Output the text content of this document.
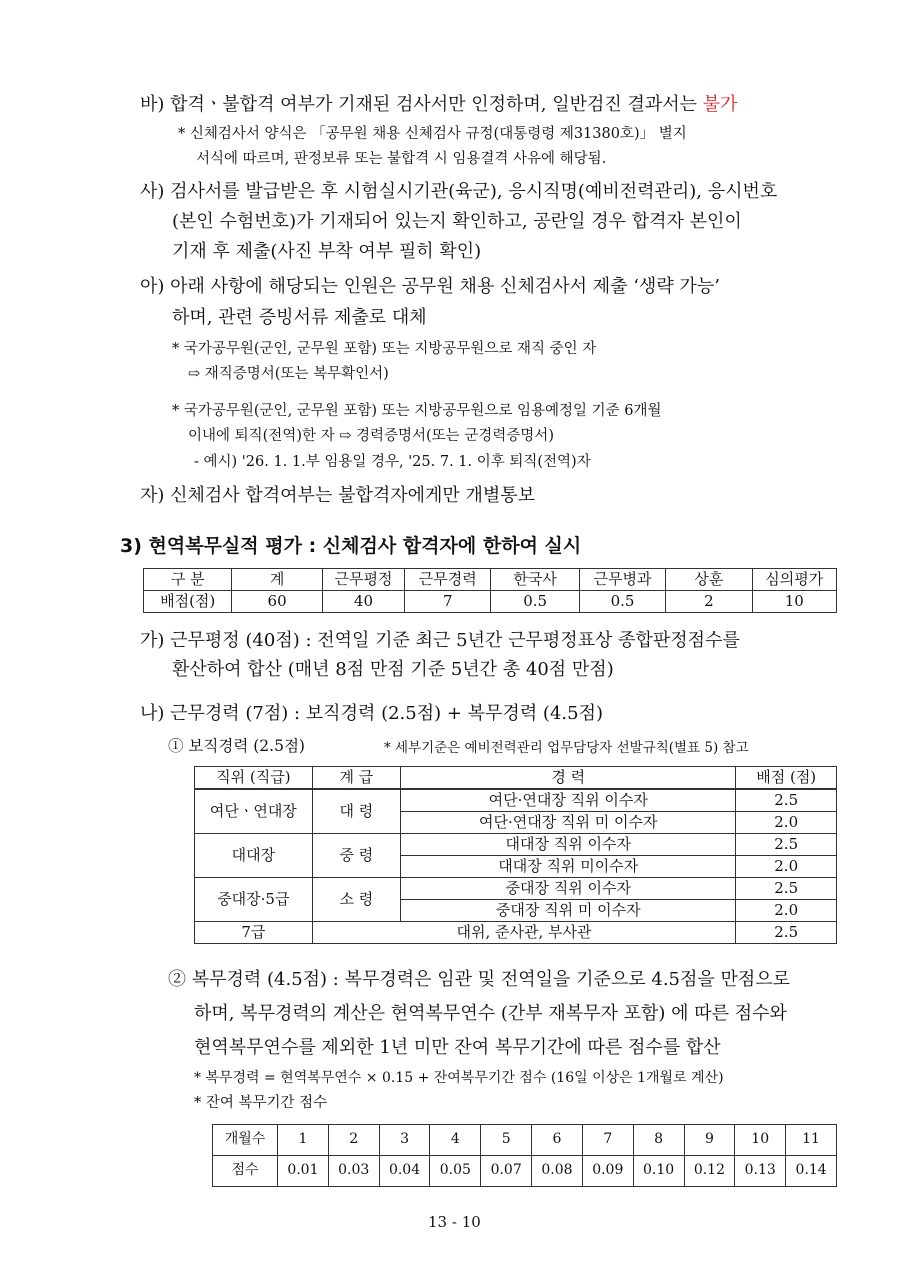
바) 합격ㆍ불합격 여부가 기재된 검사서만 인정하며, 일반검진 결과서는 불가
* 신체검사서 양식은 「공무원 채용 신체검사 규정(대통령령 제31380호)」 별지
서식에 따르며, 판정보류 또는 불합격 시 임용결격 사유에 해당됨.
사) 검사서를 발급받은 후 시험실시기관(육군), 응시직명(예비전력관리), 응시번호
(본인 수험번호)가 기재되어 있는지 확인하고, 공란일 경우 합격자 본인이
기재 후 제출(사진 부착 여부 필히 확인)
아) 아래 사항에 해당되는 인원은 공무원 채용 신체검사서 제출 ‘생략 가능’
하며, 관련 증빙서류 제출로 대체
* 국가공무원(군인, 군무원 포함) 또는 지방공무원으로 재직 중인 자
⇨ 재직증명서(또는 복무확인서)
* 국가공무원(군인, 군무원 포함) 또는 지방공무원으로 임용예정일 기준 6개월
이내에 퇴직(전역)한 자 ⇨ 경력증명서(또는 군경력증명서)
- 예시) '26. 1. 1.부 임용일 경우, '25. 7. 1. 이후 퇴직(전역)자
자) 신체검사 합격여부는 불합격자에게만 개별통보
3) 현역복무실적 평가 : 신체검사 합격자에 한하여 실시
구 분	계	근무평정	근무경력	한국사	근무병과	상훈	심의평가
배점(점)	60	40	7	0.5	0.5	2	10
가) 근무평정 (40점) : 전역일 기준 최근 5년간 근무평정표상 종합판정점수를
환산하여 합산 (매년 8점 만점 기준 5년간 총 40점 만점)
나) 근무경력 (7점) : 보직경력 (2.5점) + 복무경력 (4.5점)
① 보직경력 (2.5점)	* 세부기준은 예비전력관리 업무담당자 선발규칙(별표 5) 참고
직위 (직급)	계 급	경 력	배점 (점)
여단ㆍ연대장	대 령	여단·연대장 직위 이수자	2.5
		여단·연대장 직위 미 이수자	2.0
대대장	중 령	대대장 직위 이수자	2.5
		대대장 직위 미이수자	2.0
중대장·5급	소 령	중대장 직위 이수자	2.5
		중대장 직위 미 이수자	2.0
7급	대위, 준사관, 부사관		2.5
② 복무경력 (4.5점) : 복무경력은 임관 및 전역일을 기준으로 4.5점을 만점으로
하며, 복무경력의 계산은 현역복무연수 (간부 재복무자 포함) 에 따른 점수와
현역복무연수를 제외한 1년 미만 잔여 복무기간에 따른 점수를 합산
* 복무경력 = 현역복무연수 × 0.15 + 잔여복무기간 점수 (16일 이상은 1개월로 계산)
* 잔여 복무기간 점수
개월수	1	2	3	4	5	6	7	8	9	10	11
점수	0.01	0.03	0.04	0.05	0.07	0.08	0.09	0.10	0.12	0.13	0.14
13 - 10
